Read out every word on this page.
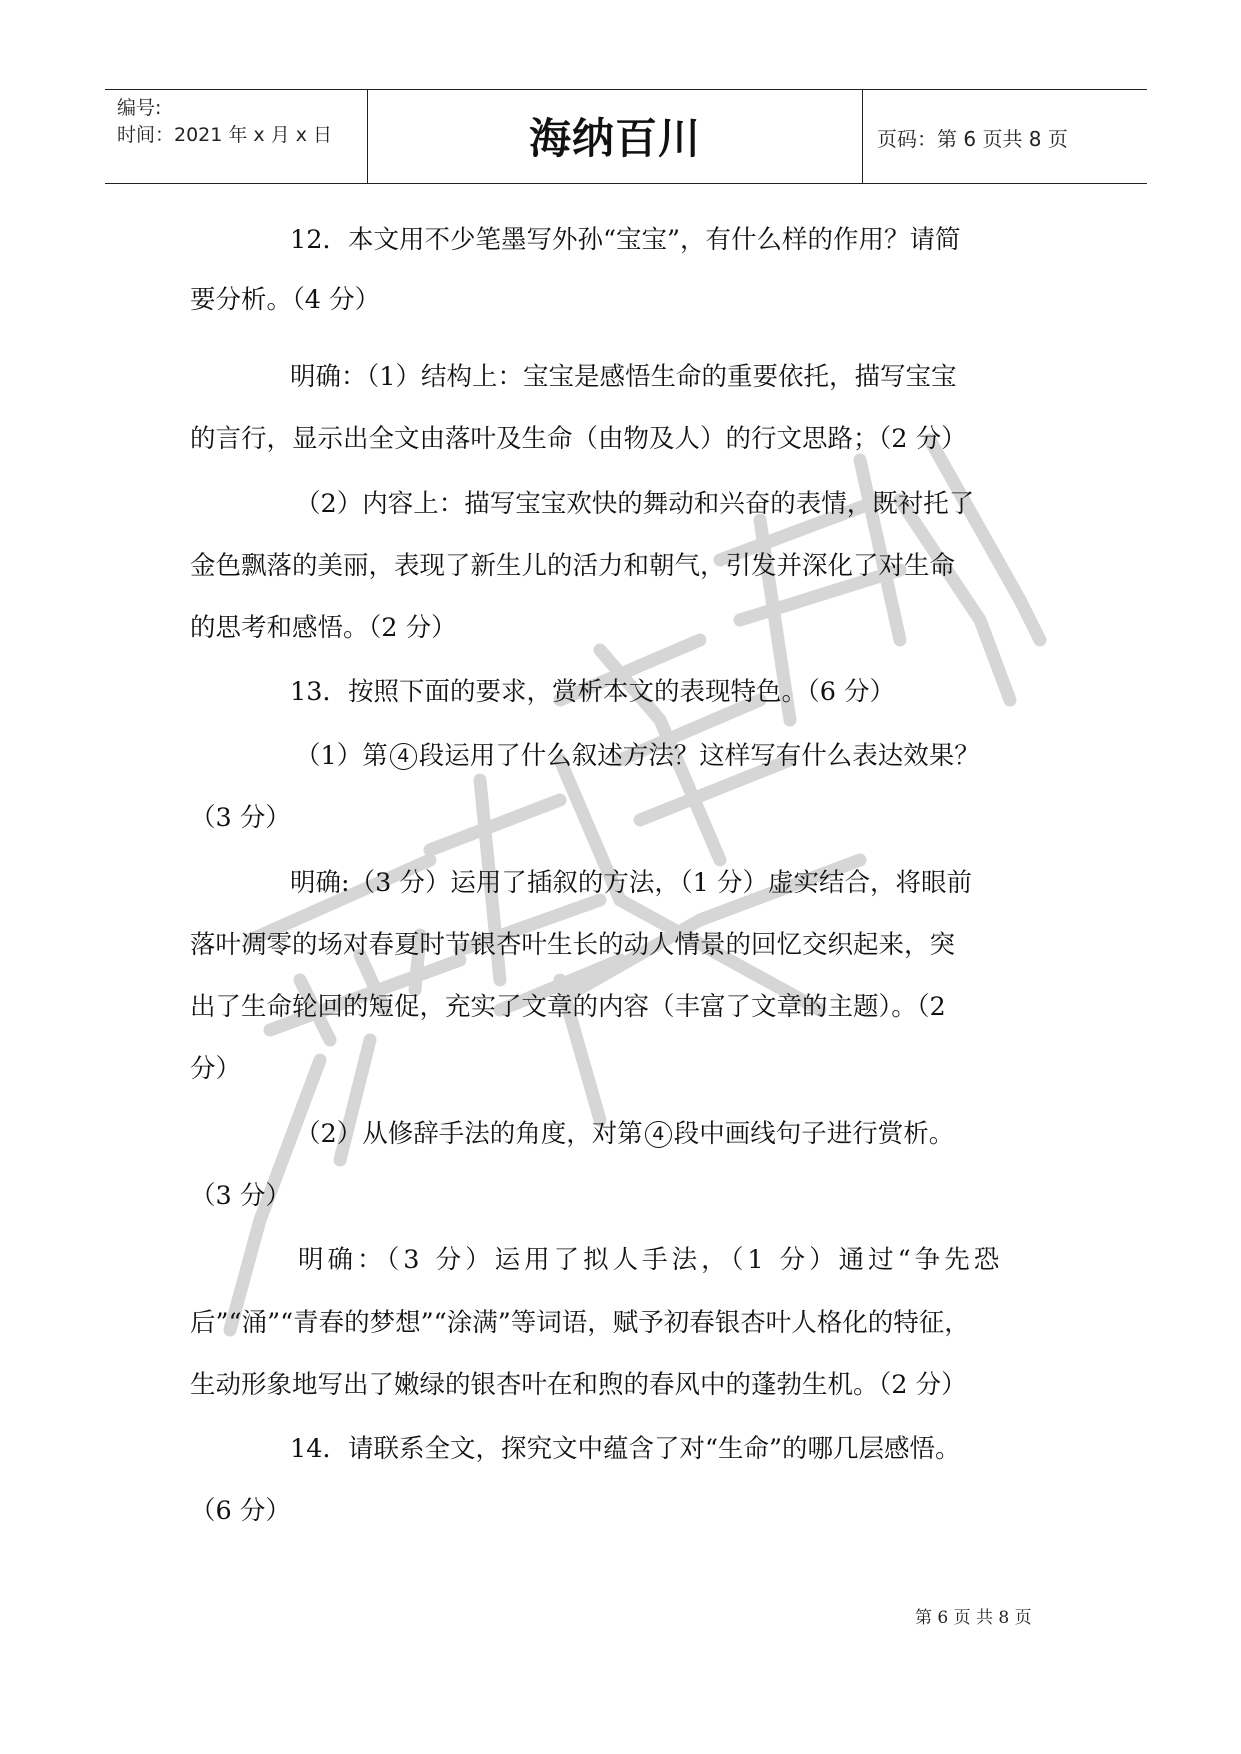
编号:
时间：2021 年 x 月 x 日	海纳百川	页码：第 6 页共 8 页
12．本文用不少笔墨写外孙“宝宝”，有什么样的作用？请简
要分析。（4 分）
明确：（1）结构上：宝宝是感悟生命的重要依托，描写宝宝
的言行，显示出全文由落叶及生命（由物及人）的行文思路；（2 分）
（2）内容上：描写宝宝欢快的舞动和兴奋的表情，既衬托了
金色飘落的美丽，表现了新生儿的活力和朝气，引发并深化了对生命
的思考和感悟。（2 分）
13．按照下面的要求，赏析本文的表现特色。（6 分）
（1）第 4 段运用了什么叙述方法？这样写有什么表达效果？
（3 分）
明确:（3 分）运用了插叙的方法，（1 分）虚实结合，将眼前
落叶凋零的场对春夏时节银杏叶生长的动人情景的回忆交织起来，突
出了生命轮回的短促，充实了文章的内容（丰富了文章的主题）。（2
分）
（2）从修辞手法的角度，对第 4 段中画线句子进行赏析。
（3 分）
明确：（3 分）运用了拟人手法，（1 分）通过“争先恐
后”“涌”“青春的梦想”“涂满”等词语，赋予初春银杏叶人格化的特征，
生动形象地写出了嫩绿的银杏叶在和煦的春风中的蓬勃生机。（2 分）
14．请联系全文，探究文中蕴含了对“生命”的哪几层感悟。
（6 分）
第 6 页 共 8 页
